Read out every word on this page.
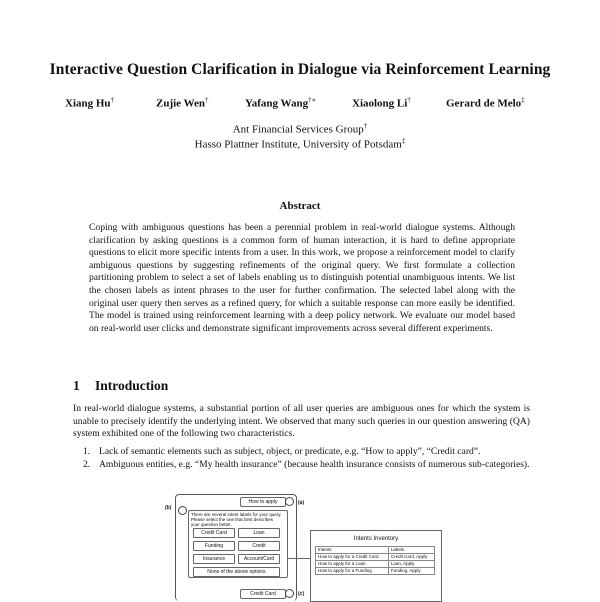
Interactive Question Clarification in Dialogue via Reinforcement Learning
Xiang Hu†	Zujie Wen†	Yafang Wang†∗	Xiaolong Li†	Gerard de Melo‡
Ant Financial Services Group†
Hasso Plattner Institute, University of Potsdam‡
Abstract
Coping with ambiguous questions has been a perennial problem in real-world dialogue systems. Although clarification by asking questions is a common form of human interaction, it is hard to define appropriate questions to elicit more specific intents from a user. In this work, we propose a reinforcement model to clarify ambiguous questions by suggesting refinements of the original query. We first formulate a collection partitioning problem to select a set of labels enabling us to distinguish potential unambiguous intents. We list the chosen labels as intent phrases to the user for further confirmation. The selected label along with the original user query then serves as a refined query, for which a suitable response can more easily be identified. The model is trained using reinforcement learning with a deep policy network. We evaluate our model based on real-world user clicks and demonstrate significant improvements across several different experiments.
1 Introduction
In real-world dialogue systems, a substantial portion of all user queries are ambiguous ones for which the system is unable to precisely identify the underlying intent. We observed that many such queries in our question answering (QA) system exhibited one of the following two characteristics.
1. Lack of semantic elements such as subject, object, or predicate, e.g. “How to apply”, “Credit card”.
2. Ambiguous entities, e.g. “My health insurance” (because health insurance consists of numerous sub-categories).
How to apply	(a)
(b)
There are several intent labels for your query. Please select the one that best describes your question better.
Credit Card	Loan
Funding	Credit
Insurance	Account/Card
None of the above options
Credit Card	(c)
Intents Inventory
Intents	Labels
How to apply for a Credit Card	Credit Card, Apply
How to apply for a Loan	Loan, Apply
How to apply for a Funding	Funding, Apply
